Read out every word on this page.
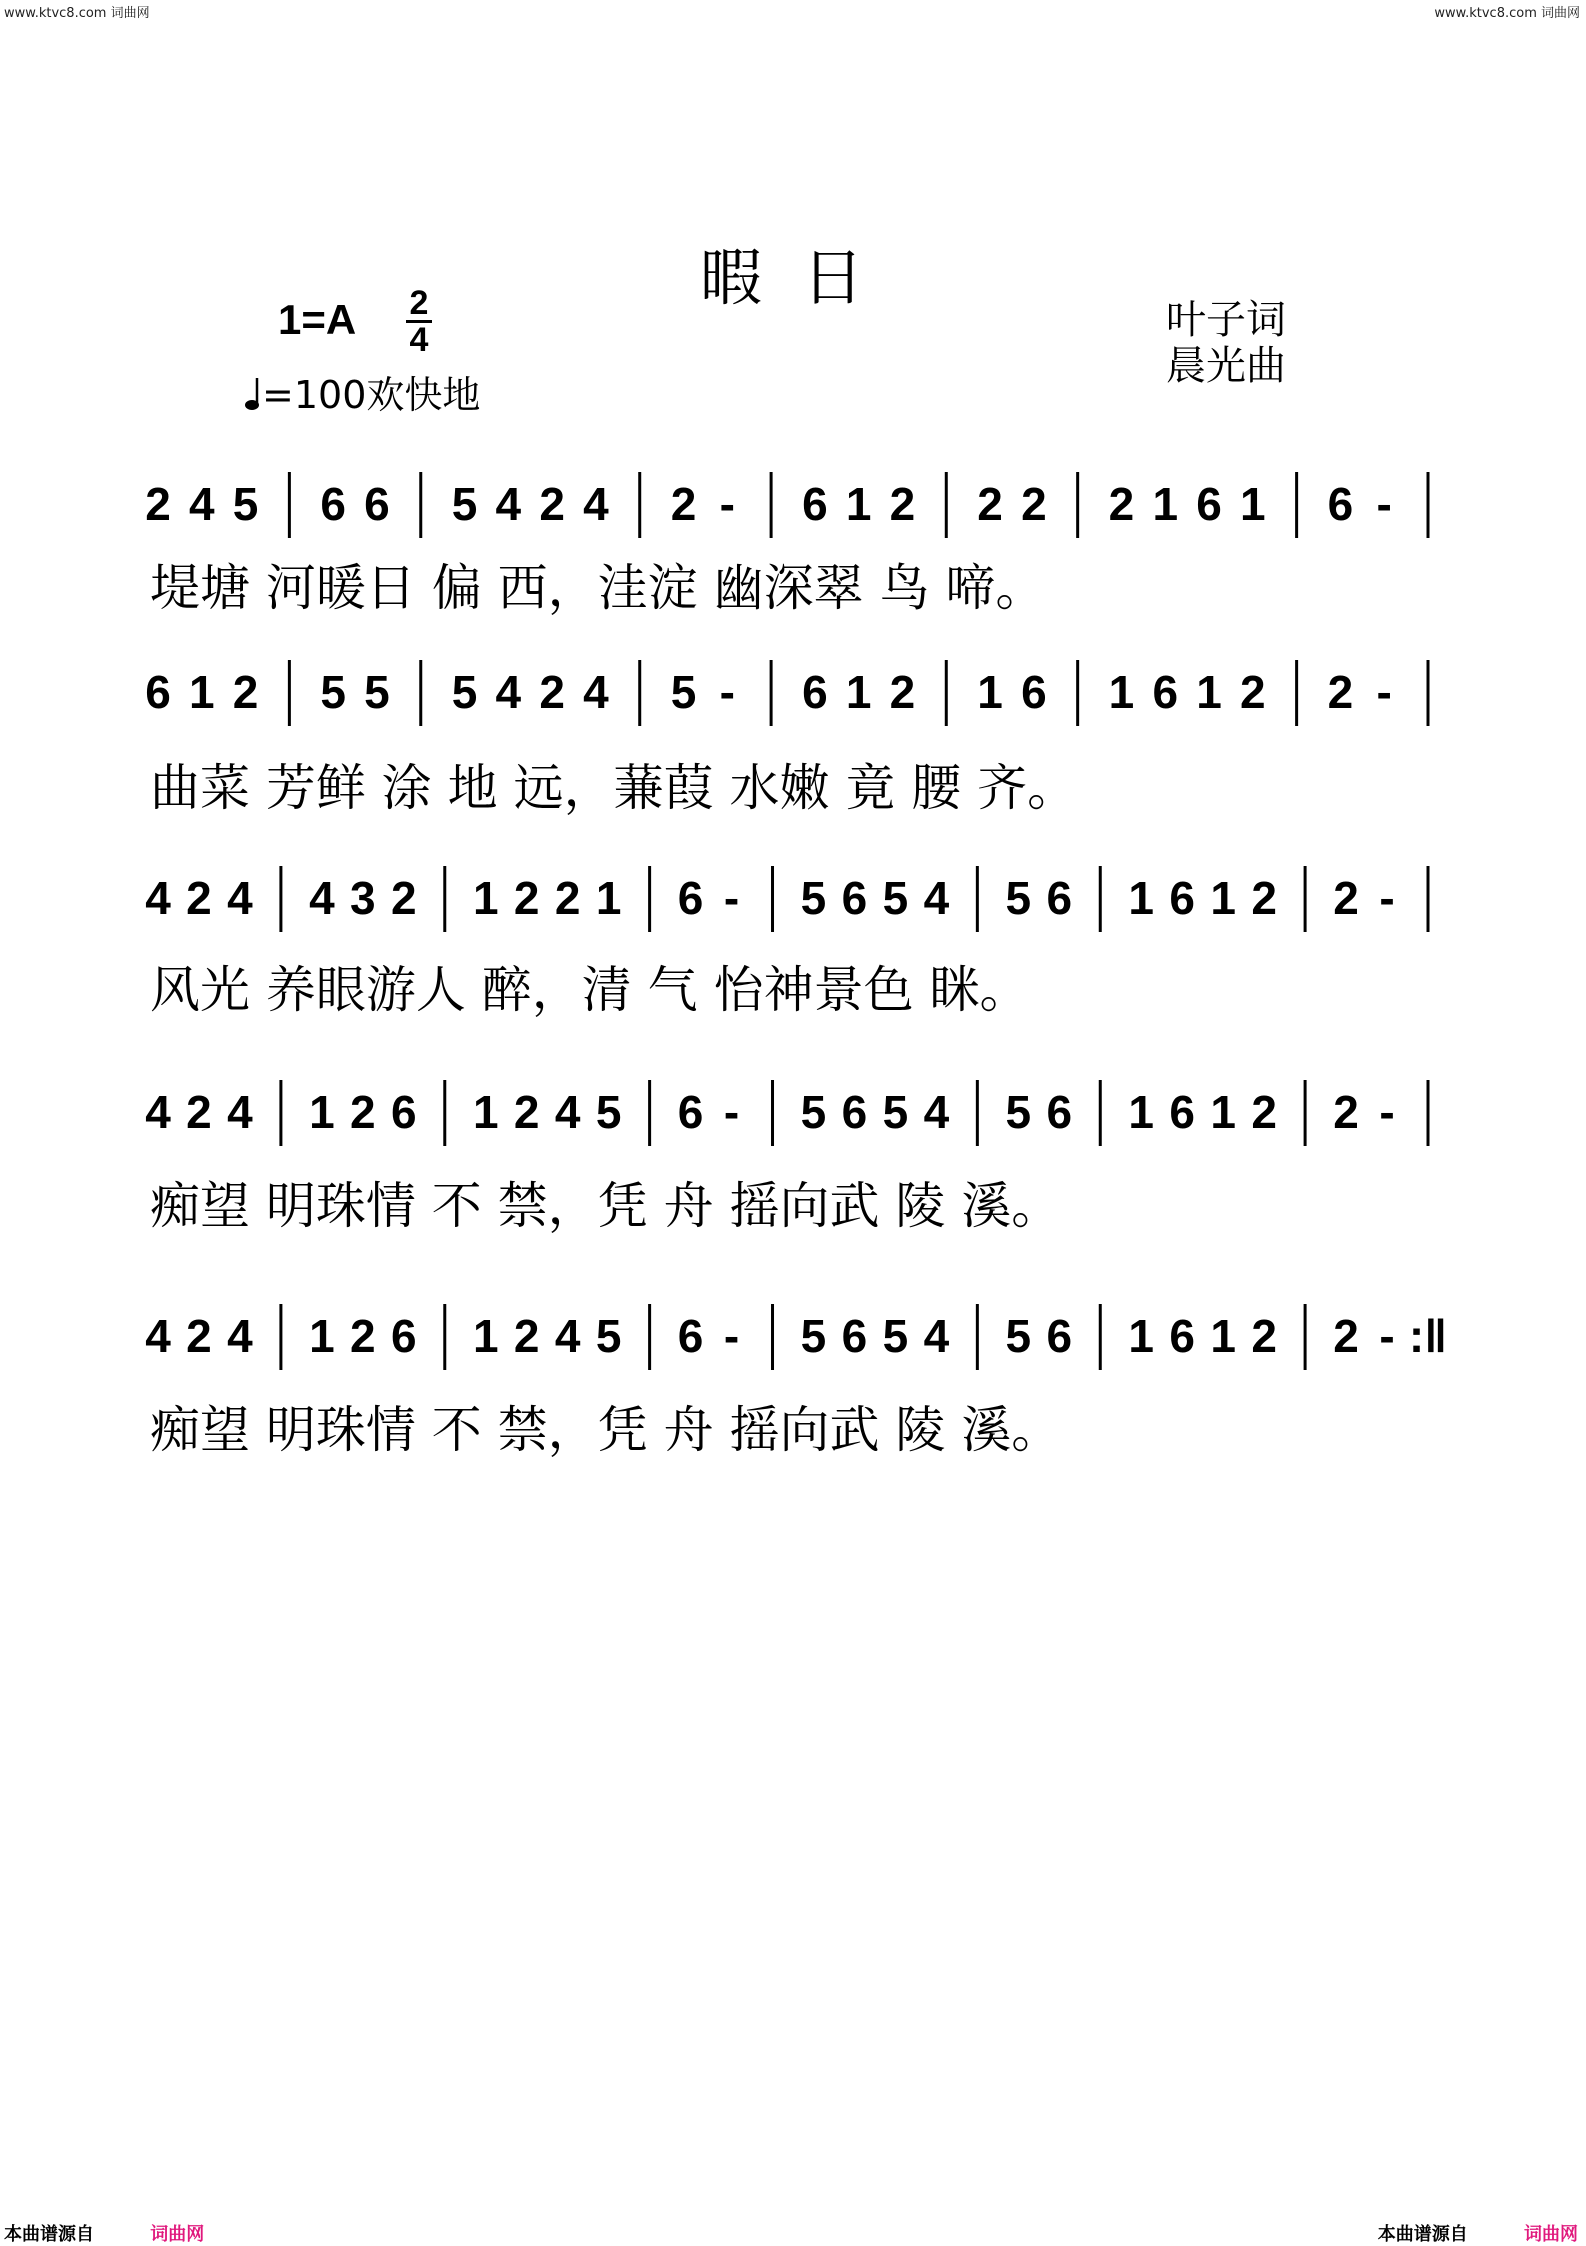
www.ktvc8.com 词曲网	www.ktvc8.com 词曲网
暇日
1=A 2
4
=100欢快地
叶子词
晨光曲
2 4 5 6 6 5 4 2 4 2 - 6 1 2 2 2 2 1 6 1 6 -
6 1 2 5 5 5 4 2 4 5 - 6 1 2 1 6 1 6 1 2 2 -
4 2 4 4 3 2 1 2 2 1 6 - 5 6 5 4 5 6 1 6 1 2 2 -
4 2 4 1 2 6 1 2 4 5 6 - 5 6 5 4 5 6 1 6 1 2 2 -
4 2 4 1 2 6 1 2 4 5 6 - 5 6 5 4 5 6 1 6 1 2 2 - :‖
堤塘 河暖日 偏 西，洼淀 幽深翠 鸟 啼。
曲菜 芳鲜 涂 地 远，蒹葭 水嫩 竟 腰 齐。
风光 养眼游人 醉，清 气 怡神景色 眯。
痴望 明珠情 不 禁，凭 舟 摇向武 陵 溪。
痴望 明珠情 不 禁，凭 舟 摇向武 陵 溪。
本曲谱源自	词曲网	本曲谱源自	词曲网
